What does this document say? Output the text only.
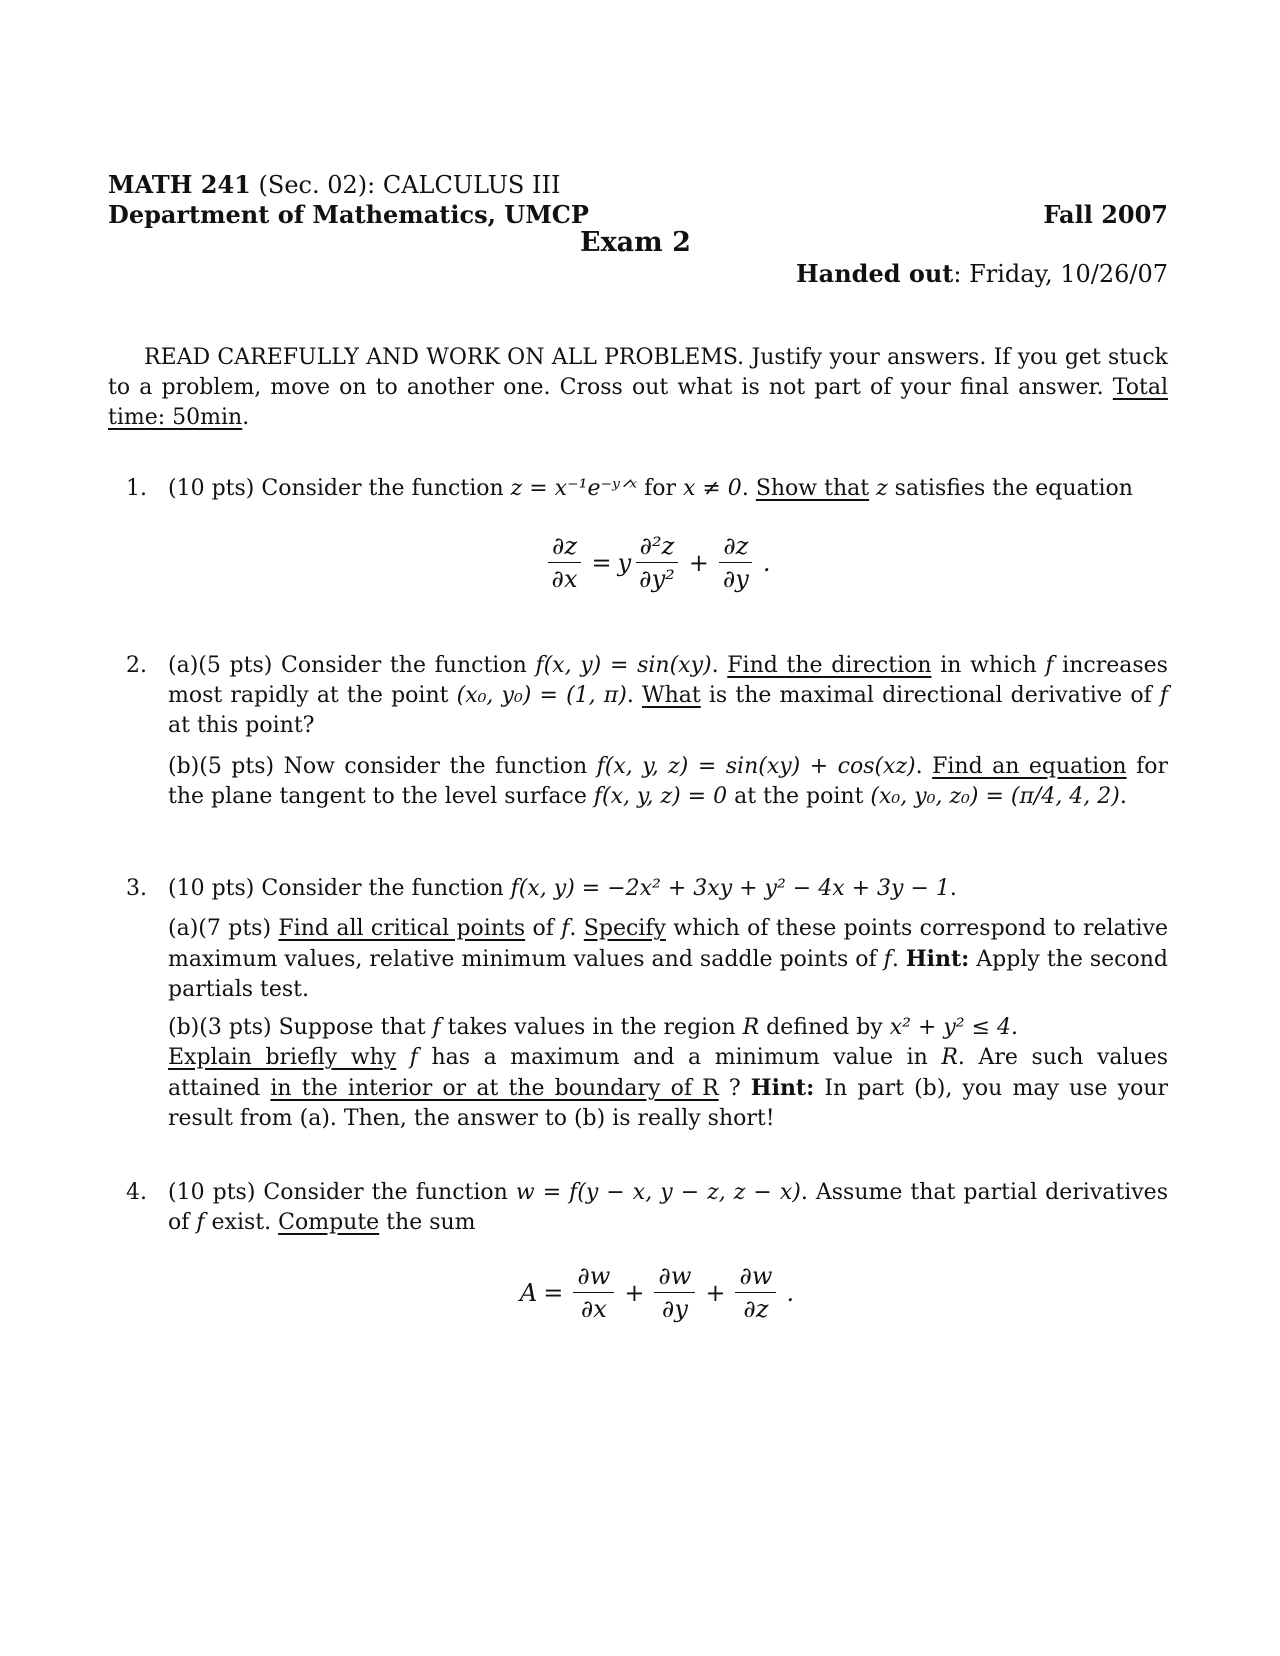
MATH 241 (Sec. 02): CALCULUS III
Department of Mathematics, UMCP	Fall 2007
Exam 2
Handed out: Friday, 10/26/07
READ CAREFULLY AND WORK ON ALL PROBLEMS. Justify your answers. If you get stuck to a problem, move on to another one. Cross out what is not part of your final answer. Total time: 50min.
1. (10 pts) Consider the function z = x⁻¹e⁻ʸᐟˣ for x ≠ 0. Show that z satisfies the equation
$\frac{\partial z}{\partial x} = y \frac{\text{∂²z}}{\text{∂y²}} + \frac{\partial z}{\partial y}$ .
2. (a)(5 pts) Consider the function f(x, y) = sin(xy). Find the direction in which f increases most rapidly at the point (x₀, y₀) = (1, π). What is the maximal directional derivative of f at this point?
(b)(5 pts) Now consider the function f(x, y, z) = sin(xy) + cos(xz). Find an equation for the plane tangent to the level surface f(x, y, z) = 0 at the point (x₀, y₀, z₀) = (π/4, 4, 2).
3. (10 pts) Consider the function f(x, y) = −2x² + 3xy + y² − 4x + 3y − 1.
(a)(7 pts) Find all critical points of f. Specify which of these points correspond to relative maximum values, relative minimum values and saddle points of f. Hint: Apply the second partials test.
(b)(3 pts) Suppose that f takes values in the region R defined by x² + y² ≤ 4.
Explain briefly why f has a maximum and a minimum value in R. Are such values attained in the interior or at the boundary of R ? Hint: In part (b), you may use your result from (a). Then, the answer to (b) is really short!
4. (10 pts) Consider the function w = f(y − x, y − z, z − x). Assume that partial derivatives of f exist. Compute the sum
$A = \frac{\partial w}{\partial x} + \frac{\partial w}{\partial y} + \frac{\partial w}{\partial z}$ .
